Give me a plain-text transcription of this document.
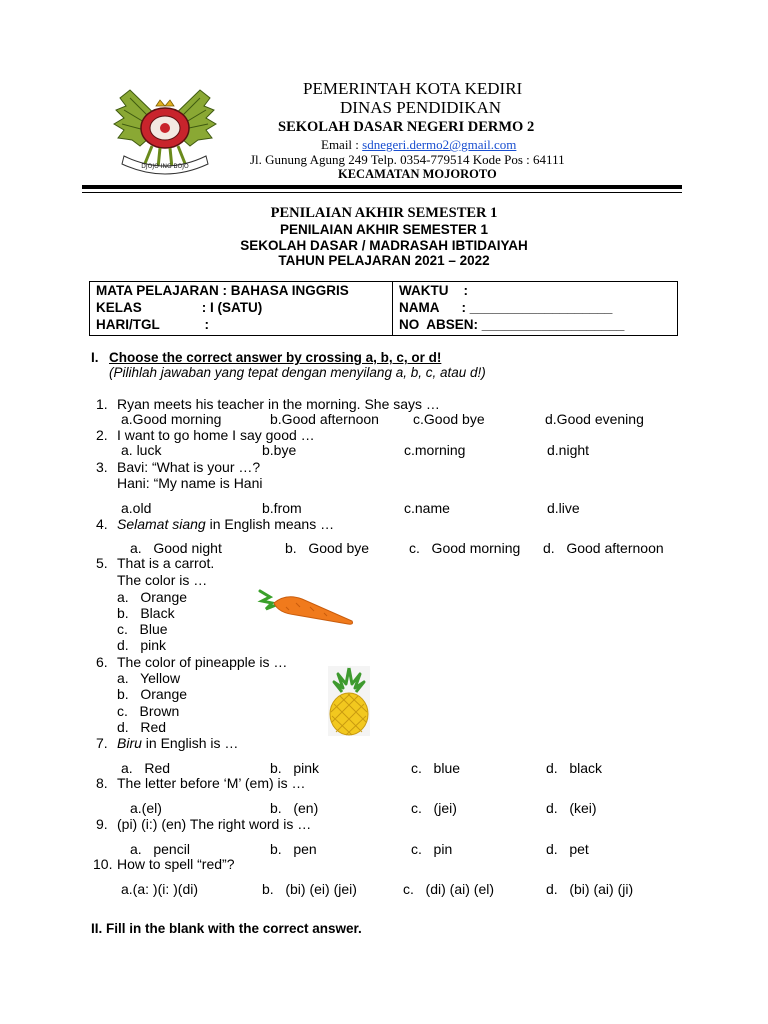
DJOJO ING BOJO
PEMERINTAH KOTA KEDIRI
DINAS PENDIDIKAN
SEKOLAH DASAR NEGERI DERMO 2
Email : sdnegeri.dermo2@gmail.com
Jl. Gunung Agung 249 Telp. 0354-779514 Kode Pos : 64111
KECAMATAN MOJOROTO
PENILAIAN AKHIR SEMESTER 1
PENILAIAN AKHIR SEMESTER 1
SEKOLAH DASAR / MADRASAH IBTIDAIYAH
TAHUN PELAJARAN 2021 – 2022
MATA PELAJARAN : BAHASA INGGRIS	WAKTU    :
KELAS                : I (SATU)	NAMA      : ___________________
HARI/TGL            :	NO  ABSEN: ___________________
I. Choose the correct answer by crossing a, b, c, or d!
(Pilihlah jawaban yang tepat dengan menyilang a, b, c, atau d!)
1. Ryan meets his teacher in the morning. She says …
a.Good morning	b.Good afternoon c.Good bye	d.Good evening
2. I want to go home I say good …
a. luck	b.bye	c.morning	d.night
3. Bavi: “What is your …?
Hani: “My name is Hani
a.old	b.from	c.name	d.live
4. Selamat siang in English means …
a.   Good night	b.   Good bye	c.   Good morning d.   Good afternoon
5. That is a carrot.
The color is …
a.   Orange
b.   Black
c.   Blue
d.   pink
6. The color of pineapple is …
a.   Yellow
b.   Orange
c.   Brown
d.   Red
7. Biru in English is …
a.   Red	b.   pink	c.   blue	d.   black
8. The letter before ‘M’ (em) is …
a.(el)	b.   (en)	c.   (jei)	d.   (kei)
9. (pi) (i:) (en) The right word is …
a.   pencil	b.   pen	c.   pin	d.   pet
10. How to spell “red”?
a.(a: )(i: )(di)	b.   (bi) (ei) (jei)	c.   (di) (ai) (el)	d.   (bi) (ai) (ji)
II. Fill in the blank with the correct answer.
